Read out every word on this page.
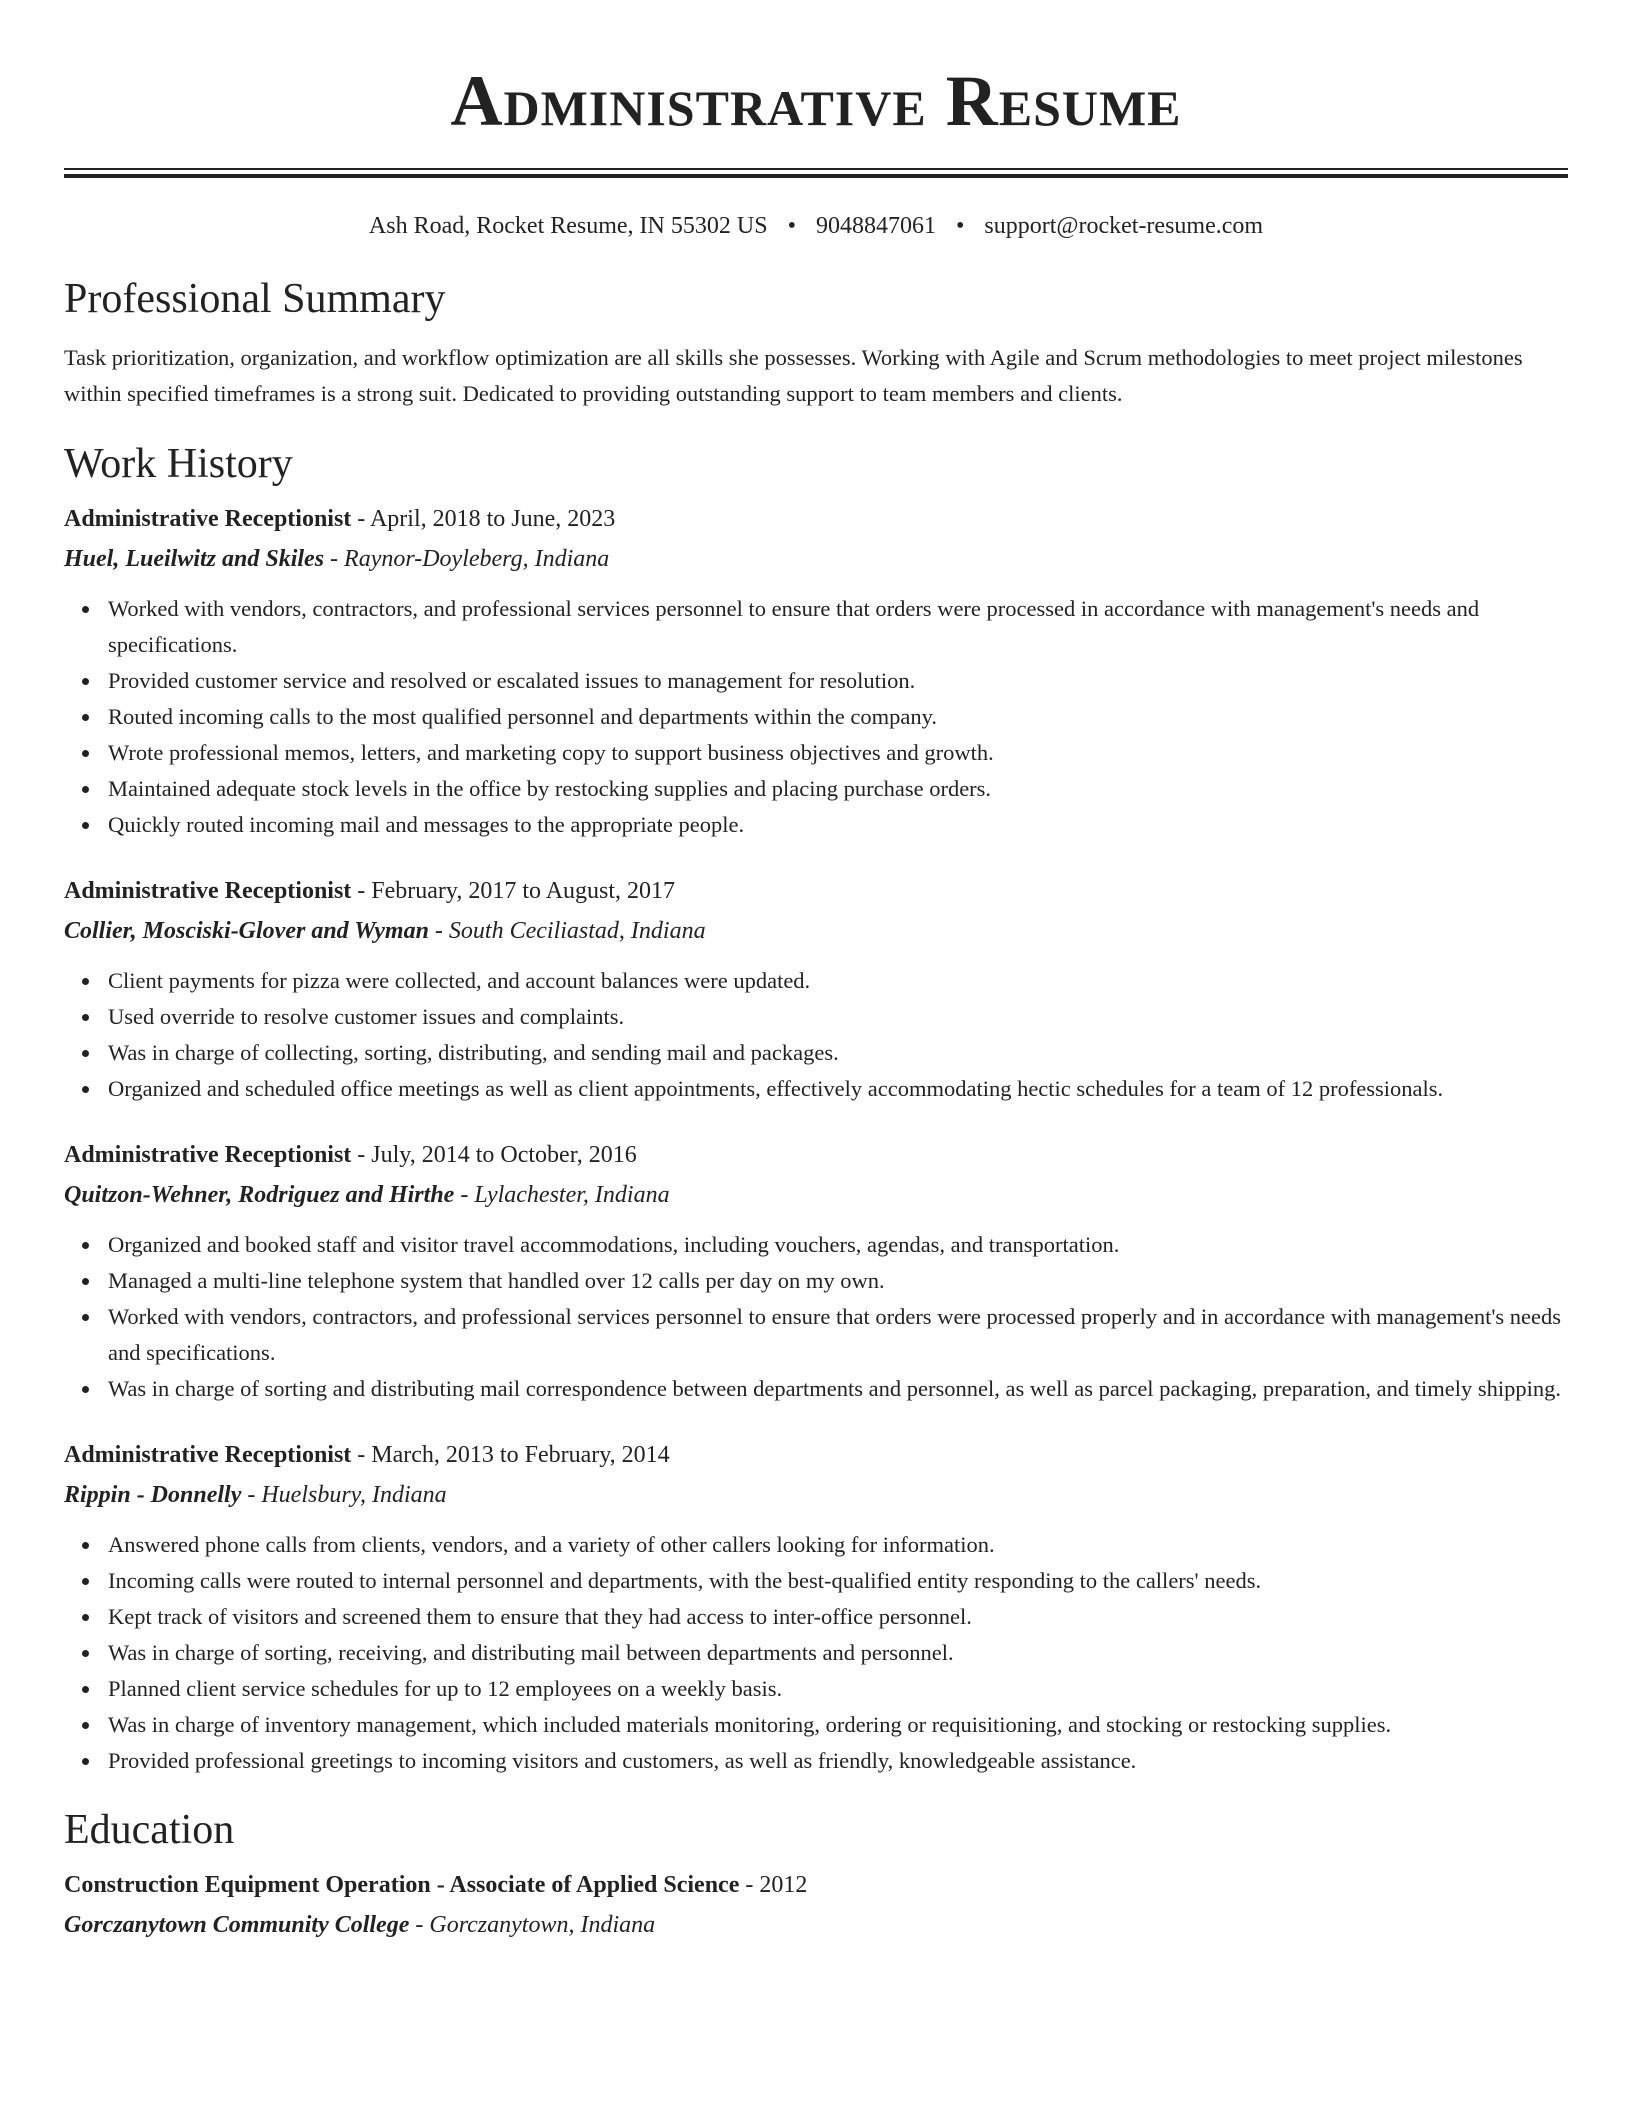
Administrative Resume
Ash Road, Rocket Resume, IN 55302 US • 9048847061 • support@rocket-resume.com
Professional Summary

Task prioritization, organization, and workflow optimization are all skills she possesses. Working with Agile and Scrum methodologies to meet project milestones within specified timeframes is a strong suit. Dedicated to providing outstanding support to team members and clients.

Work History
Administrative Receptionist - April, 2018 to June, 2023
Huel, Lueilwitz and Skiles - Raynor-Doyleberg, Indiana
Worked with vendors, contractors, and professional services personnel to ensure that orders were processed in accordance with management's needs and specifications.
Provided customer service and resolved or escalated issues to management for resolution.
Routed incoming calls to the most qualified personnel and departments within the company.
Wrote professional memos, letters, and marketing copy to support business objectives and growth.
Maintained adequate stock levels in the office by restocking supplies and placing purchase orders.
Quickly routed incoming mail and messages to the appropriate people.
Administrative Receptionist - February, 2017 to August, 2017
Collier, Mosciski-Glover and Wyman - South Ceciliastad, Indiana
Client payments for pizza were collected, and account balances were updated.
Used override to resolve customer issues and complaints.
Was in charge of collecting, sorting, distributing, and sending mail and packages.
Organized and scheduled office meetings as well as client appointments, effectively accommodating hectic schedules for a team of 12 professionals.
Administrative Receptionist - July, 2014 to October, 2016
Quitzon-Wehner, Rodriguez and Hirthe - Lylachester, Indiana
Organized and booked staff and visitor travel accommodations, including vouchers, agendas, and transportation.
Managed a multi-line telephone system that handled over 12 calls per day on my own.
Worked with vendors, contractors, and professional services personnel to ensure that orders were processed properly and in accordance with management's needs and specifications.
Was in charge of sorting and distributing mail correspondence between departments and personnel, as well as parcel packaging, preparation, and timely shipping.
Administrative Receptionist - March, 2013 to February, 2014
Rippin - Donnelly - Huelsbury, Indiana
Answered phone calls from clients, vendors, and a variety of other callers looking for information.
Incoming calls were routed to internal personnel and departments, with the best-qualified entity responding to the callers' needs.
Kept track of visitors and screened them to ensure that they had access to inter-office personnel.
Was in charge of sorting, receiving, and distributing mail between departments and personnel.
Planned client service schedules for up to 12 employees on a weekly basis.
Was in charge of inventory management, which included materials monitoring, ordering or requisitioning, and stocking or restocking supplies.
Provided professional greetings to incoming visitors and customers, as well as friendly, knowledgeable assistance.
Education
Construction Equipment Operation - Associate of Applied Science - 2012
Gorczanytown Community College - Gorczanytown, Indiana
